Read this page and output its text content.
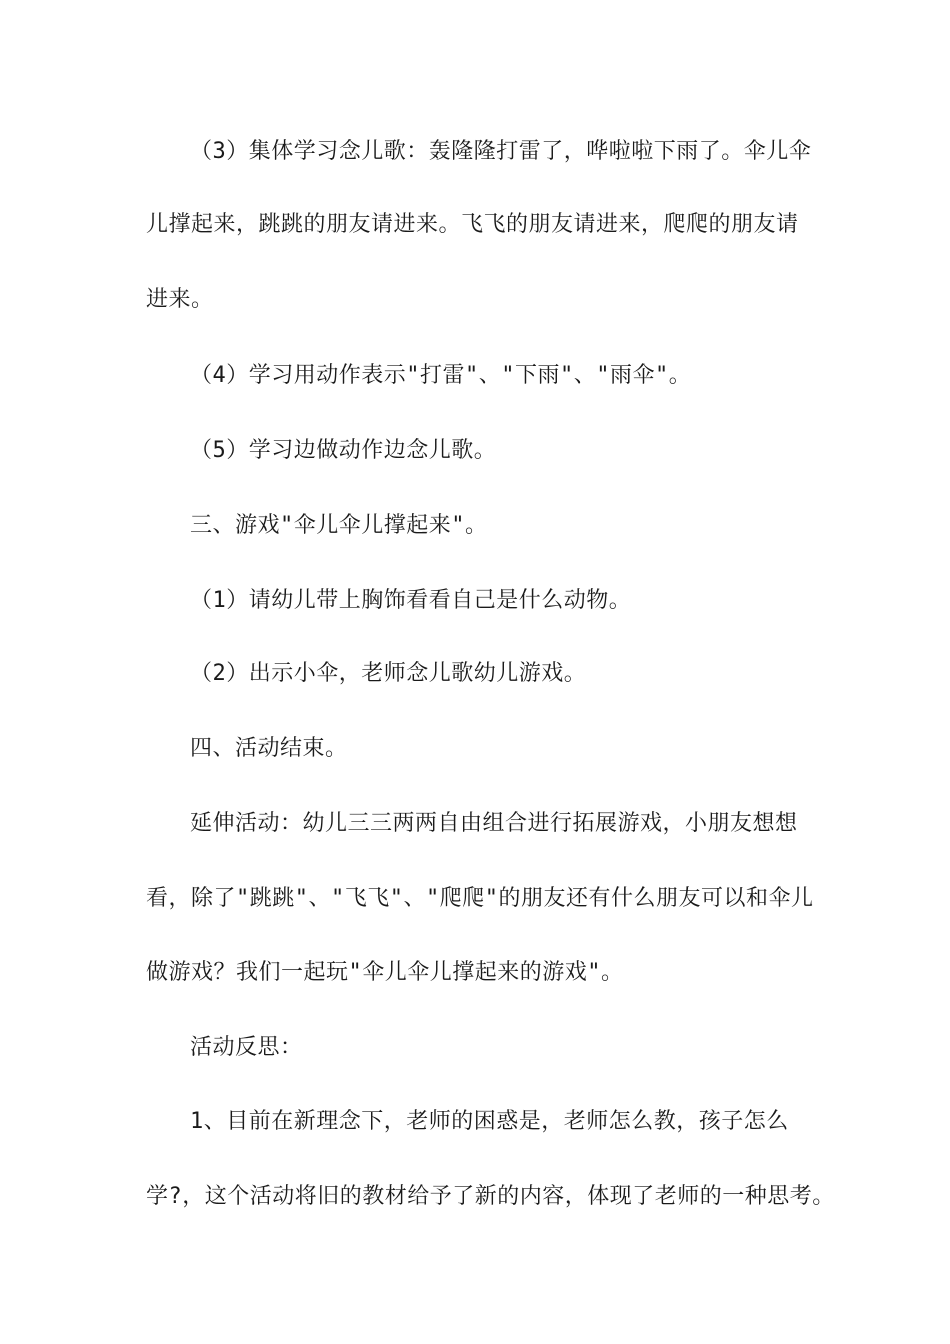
（3）集体学习念儿歌：轰隆隆打雷了，哗啦啦下雨了。伞儿伞

儿撑起来，跳跳的朋友请进来。飞飞的朋友请进来，爬爬的朋友请

进来。

（4）学习用动作表示"打雷"、"下雨"、"雨伞"。

（5）学习边做动作边念儿歌。

三、游戏"伞儿伞儿撑起来"。

（1）请幼儿带上胸饰看看自己是什么动物。

（2）出示小伞，老师念儿歌幼儿游戏。

四、活动结束。

延伸活动：幼儿三三两两自由组合进行拓展游戏，小朋友想想

看，除了"跳跳"、"飞飞"、"爬爬"的朋友还有什么朋友可以和伞儿

做游戏？我们一起玩"伞儿伞儿撑起来的游戏"。

活动反思：

1、目前在新理念下，老师的困惑是，老师怎么教，孩子怎么

学?，这个活动将旧的教材给予了新的内容，体现了老师的一种思考。
